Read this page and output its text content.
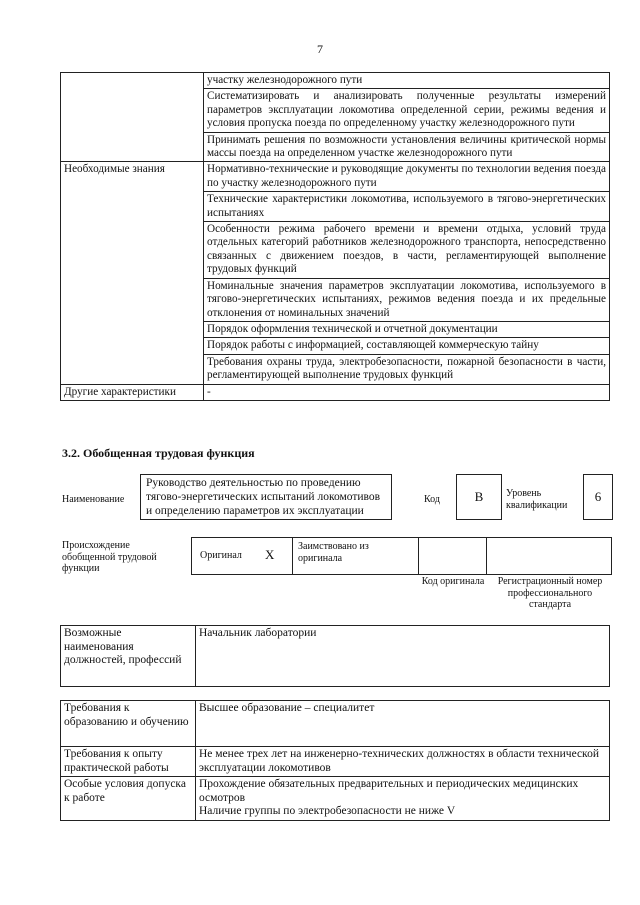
7
	участку железнодорожного пути
	Систематизировать и анализировать полученные результаты измерений параметров эксплуатации локомотива определенной серии, режимы ведения и условия пропуска поезда по определенному участку железнодорожного пути
	Принимать решения по возможности установления величины критической нормы массы поезда на определенном участке железнодорожного пути
Необходимые знания	Нормативно-технические и руководящие документы по технологии ведения поезда по участку железнодорожного пути
	Технические характеристики локомотива, используемого в тягово-энергетических испытаниях
	Особенности режима рабочего времени и времени отдыха, условий труда отдельных категорий работников железнодорожного транспорта, непосредственно связанных с движением поездов, в части, регламентирующей выполнение трудовых функций
	Номинальные значения параметров эксплуатации локомотива, используемого в тягово-энергетических испытаниях, режимов ведения поезда и их предельные отклонения от номинальных значений
	Порядок оформления технической и отчетной документации
	Порядок работы с информацией, составляющей коммерческую тайну
	Требования охраны труда, электробезопасности, пожарной безопасности в части, регламентирующей выполнение трудовых функций
Другие характеристики	-
3.2. Обобщенная трудовая функция
Наименование
Руководство деятельностью по проведению тягово-энергетических испытаний локомотивов и определению параметров их эксплуатации
Код	B	Уровень квалификации
6
Происхождение обобщенной трудовой функции
Оригинал X
Заимствовано из оригинала
Код оригинала	Регистрационный номер профессионального стандарта
Возможные наименования должностей, профессий	Начальник лаборатории
Требования к образованию и обучению	Высшее образование – специалитет
Требования к опыту практической работы	Не менее трех лет на инженерно-технических должностях в области технической эксплуатации локомотивов
Особые условия допуска к работе	Прохождение обязательных предварительных и периодических медицинских осмотров
Наличие группы по электробезопасности не ниже V
